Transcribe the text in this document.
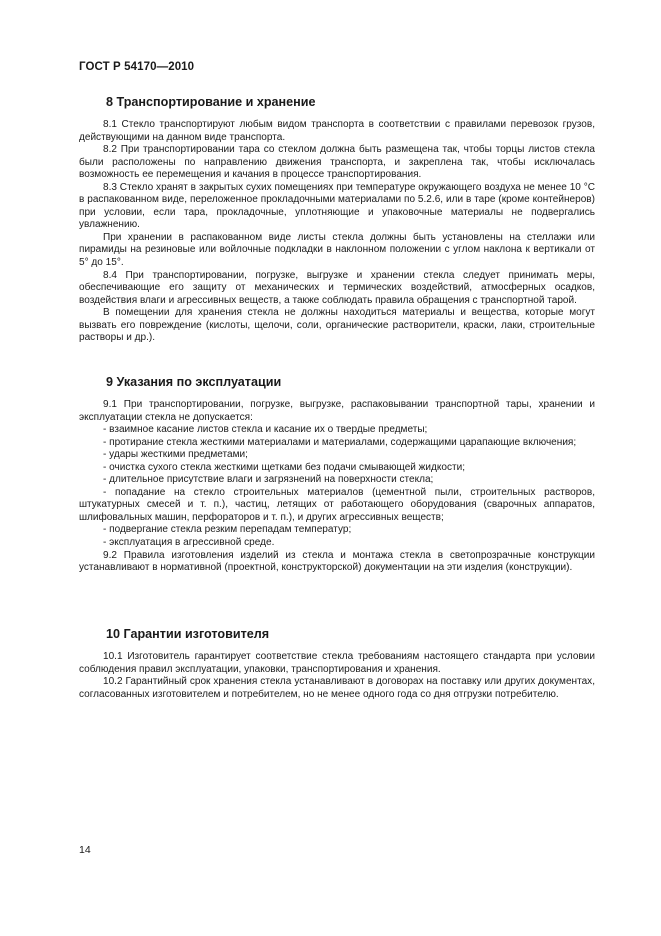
ГОСТ Р 54170—2010
8 Транспортирование и хранение

8.1 Стекло транспортируют любым видом транспорта в соответствии с правилами перевозок грузов, действующими на данном виде транспорта.

8.2 При транспортировании тара со стеклом должна быть размещена так, чтобы торцы листов стекла были расположены по направлению движения транспорта, и закреплена так, чтобы исключалась возможность ее перемещения и качания в процессе транспортирования.

8.3 Стекло хранят в закрытых сухих помещениях при температуре окружающего воздуха не менее 10 °С в распакованном виде, переложенное прокладочными материалами по 5.2.6, или в таре (кроме контейнеров) при условии, если тара, прокладочные, уплотняющие и упаковочные материалы не подвергались увлажнению.

При хранении в распакованном виде листы стекла должны быть установлены на стеллажи или пирамиды на резиновые или войлочные подкладки в наклонном положении с углом наклона к вертикали от 5° до 15°.

8.4 При транспортировании, погрузке, выгрузке и хранении стекла следует принимать меры, обеспечивающие его защиту от механических и термических воздействий, атмосферных осадков, воздействия влаги и агрессивных веществ, а также соблюдать правила обращения с транспортной тарой.

В помещении для хранения стекла не должны находиться материалы и вещества, которые могут вызвать его повреждение (кислоты, щелочи, соли, органические растворители, краски, лаки, строительные растворы и др.).

9 Указания по эксплуатации

9.1 При транспортировании, погрузке, выгрузке, распаковывании транспортной тары, хранении и эксплуатации стекла не допускается:

- взаимное касание листов стекла и касание их о твердые предметы;

- протирание стекла жесткими материалами и материалами, содержащими царапающие включения;

- удары жесткими предметами;

- очистка сухого стекла жесткими щетками без подачи смывающей жидкости;

- длительное присутствие влаги и загрязнений на поверхности стекла;

- попадание на стекло строительных материалов (цементной пыли, строительных растворов, штукатурных смесей и т. п.), частиц, летящих от работающего оборудования (сварочных аппаратов, шлифовальных машин, перфораторов и т. п.), и других агрессивных веществ;

- подвергание стекла резким перепадам температур;

- эксплуатация в агрессивной среде.

9.2 Правила изготовления изделий из стекла и монтажа стекла в светопрозрачные конструкции устанавливают в нормативной (проектной, конструкторской) документации на эти изделия (конструкции).

10 Гарантии изготовителя

10.1 Изготовитель гарантирует соответствие стекла требованиям настоящего стандарта при условии соблюдения правил эксплуатации, упаковки, транспортирования и хранения.

10.2 Гарантийный срок хранения стекла устанавливают в договорах на поставку или других документах, согласованных изготовителем и потребителем, но не менее одного года со дня отгрузки потребителю.

14
